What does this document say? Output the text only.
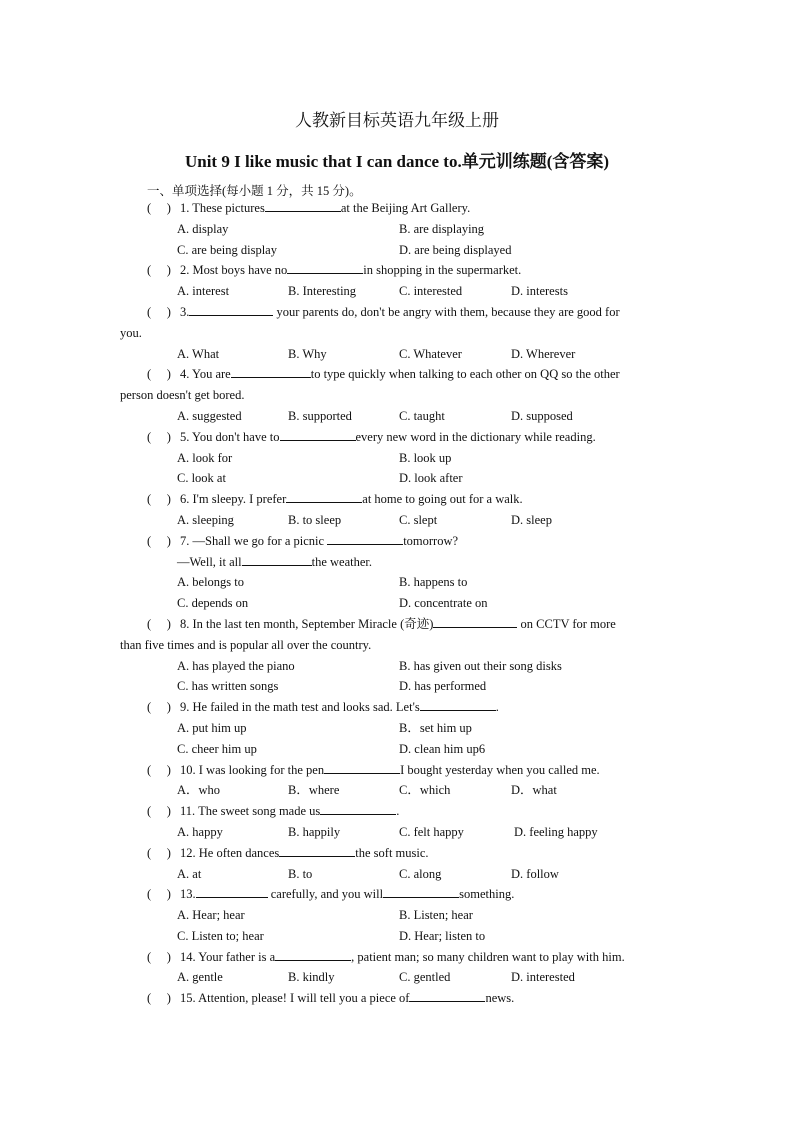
人教新目标英语九年级上册
Unit 9 I like music that I can dance to.单元训练题(含答案)
一、单项选择(每小题 1 分，共 15 分)。
(　 ) 1. These pictures	at the Beijing Art Gallery.
A. display	B. are displaying
C. are being display	D. are being displayed
(　 ) 2. Most boys have no	in shopping in the supermarket.
A. interest	B. Interesting	C. interested	D. interests
(　 ) 3.	your parents do, don't be angry with them, because they are good for
you.
A. What	B. Why	C. Whatever	D. Wherever
(　 ) 4. You are	to type quickly when talking to each other on QQ so the other
person doesn't get bored.
A. suggested	B. supported	C. taught	D. supposed
(　 ) 5. You don't have to	every new word in the dictionary while reading.
A. look for	B. look up
C. look at	D. look after
(　 ) 6. I'm sleepy. I prefer	at home to going out for a walk.
A. sleeping	B. to sleep	C. slept	D. sleep
(　 ) 7. —Shall we go for a picnic	tomorrow?
—Well, it all	the weather.
A. belongs to	B. happens to
C. depends on	D. concentrate on
(　 ) 8. In the last ten month, September Miracle (奇迹)	on CCTV for more
than five times and is popular all over the country.
A. has played the piano	B. has given out their song disks
C. has written songs	D. has performed
(　 ) 9. He failed in the math test and looks sad. Let's	.
A. put him up	B．set him up
C. cheer him up	D. clean him up6
(　 ) 10. I was looking for the pen	I bought yesterday when you called me.
A．who	B．where	C．which	D．what
(　 ) 11. The sweet song made us	.
A. happy	B. happily	C. felt happy	D. feeling happy
(　 ) 12. He often dances	the soft music.
A. at	B. to	C. along	D. follow
(　 ) 13.	carefully, and you will	something.
A. Hear; hear	B. Listen; hear
C. Listen to; hear	D. Hear; listen to
(　 ) 14. Your father is a	, patient man; so many children want to play with him.
A. gentle	B. kindly	C. gentled	D. interested
(　 ) 15. Attention, please! I will tell you a piece of	news.
